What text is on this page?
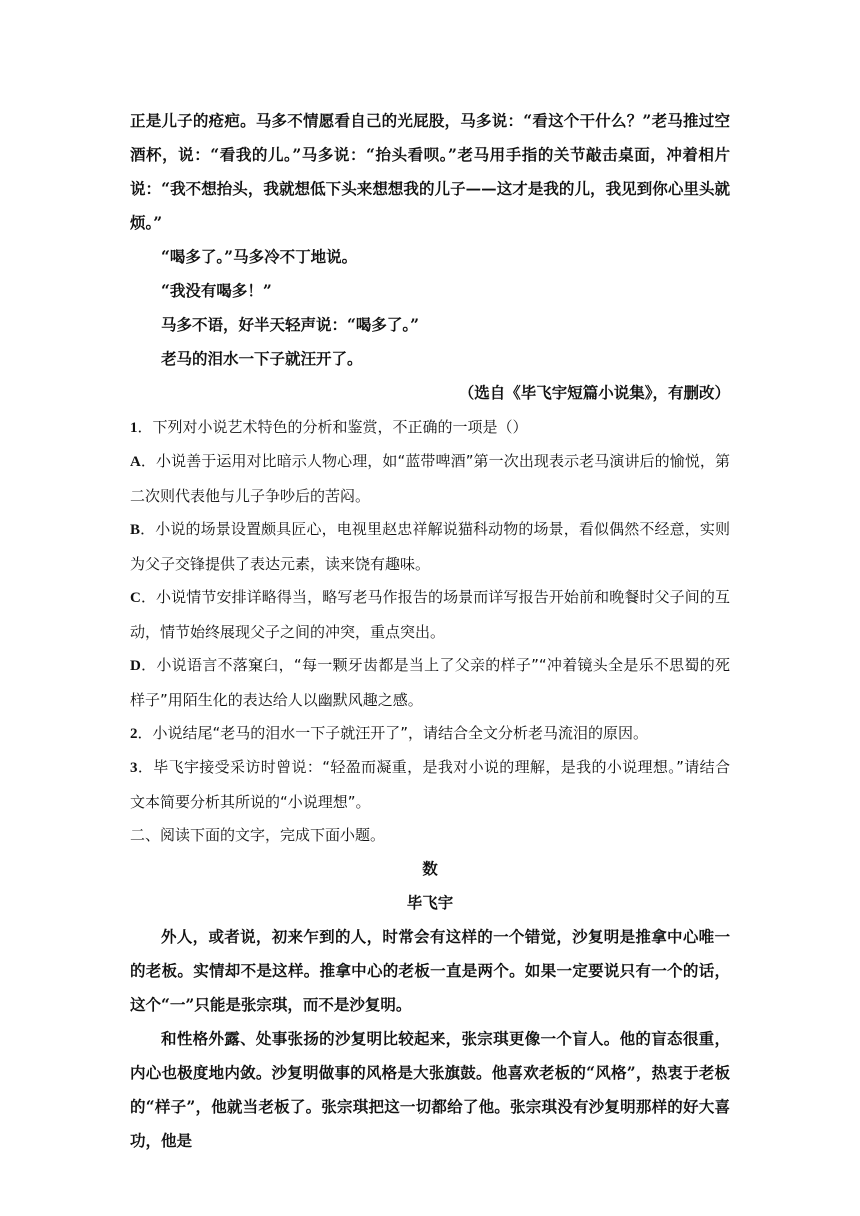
正是儿子的疮疤。马多不情愿看自己的光屁股，马多说：“看这个干什么？”老马推过空酒杯，说：“看我的儿。”马多说：“抬头看呗。”老马用手指的关节敲击桌面，冲着相片说：“我不想抬头，我就想低下头来想想我的儿子——这才是我的儿，我见到你心里头就烦。”

“喝多了。”马多冷不丁地说。

“我没有喝多！”

马多不语，好半天轻声说：“喝多了。”

老马的泪水一下子就汪开了。

（选自《毕飞宇短篇小说集》，有删改）

1．下列对小说艺术特色的分析和鉴赏，不正确的一项是（）

A．小说善于运用对比暗示人物心理，如“蓝带啤酒”第一次出现表示老马演讲后的愉悦，第二次则代表他与儿子争吵后的苦闷。

B．小说的场景设置颇具匠心，电视里赵忠祥解说猫科动物的场景，看似偶然不经意，实则为父子交锋提供了表达元素，读来饶有趣味。

C．小说情节安排详略得当，略写老马作报告的场景而详写报告开始前和晚餐时父子间的互动，情节始终展现父子之间的冲突，重点突出。

D．小说语言不落窠臼，“每一颗牙齿都是当上了父亲的样子”“冲着镜头全是乐不思蜀的死样子”用陌生化的表达给人以幽默风趣之感。

2．小说结尾“老马的泪水一下子就汪开了”，请结合全文分析老马流泪的原因。

3．毕飞宇接受采访时曾说：“轻盈而凝重，是我对小说的理解，是我的小说理想。”请结合文本简要分析其所说的“小说理想”。

二、阅读下面的文字，完成下面小题。

数

毕飞宇

外人，或者说，初来乍到的人，时常会有这样的一个错觉，沙复明是推拿中心唯一的老板。实情却不是这样。推拿中心的老板一直是两个。如果一定要说只有一个的话，这个“一”只能是张宗琪，而不是沙复明。

和性格外露、处事张扬的沙复明比较起来，张宗琪更像一个盲人。他的盲态很重，内心也极度地内敛。沙复明做事的风格是大张旗鼓。他喜欢老板的“风格”，热衷于老板的“样子”，他就当老板了。张宗琪把这一切都给了他。张宗琪没有沙复明那样的好大喜功，他是
